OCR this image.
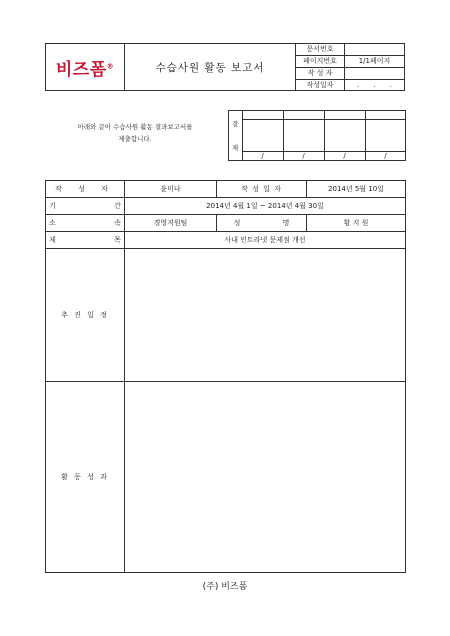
비즈폼®	수습사원 활동 보고서
문서번호
페이지번호	1/1페이지
작 성 자
작성일자	. . .
아래와 같이 수습사원 활동 결과보고서를
제출합니다.
결
재
/	/	/	/
작 성 자	윤미나	작 성 일 자	2014년 5월 10일
기 간	2014년 4월 1일 ~ 2014년 4월 30일
소 속 경영지원팀	성 명	황 지 원
제 목	사내 인트라넷 문제점 개선
추 진 일 정
활 동 성 과
(주) 비즈폼
